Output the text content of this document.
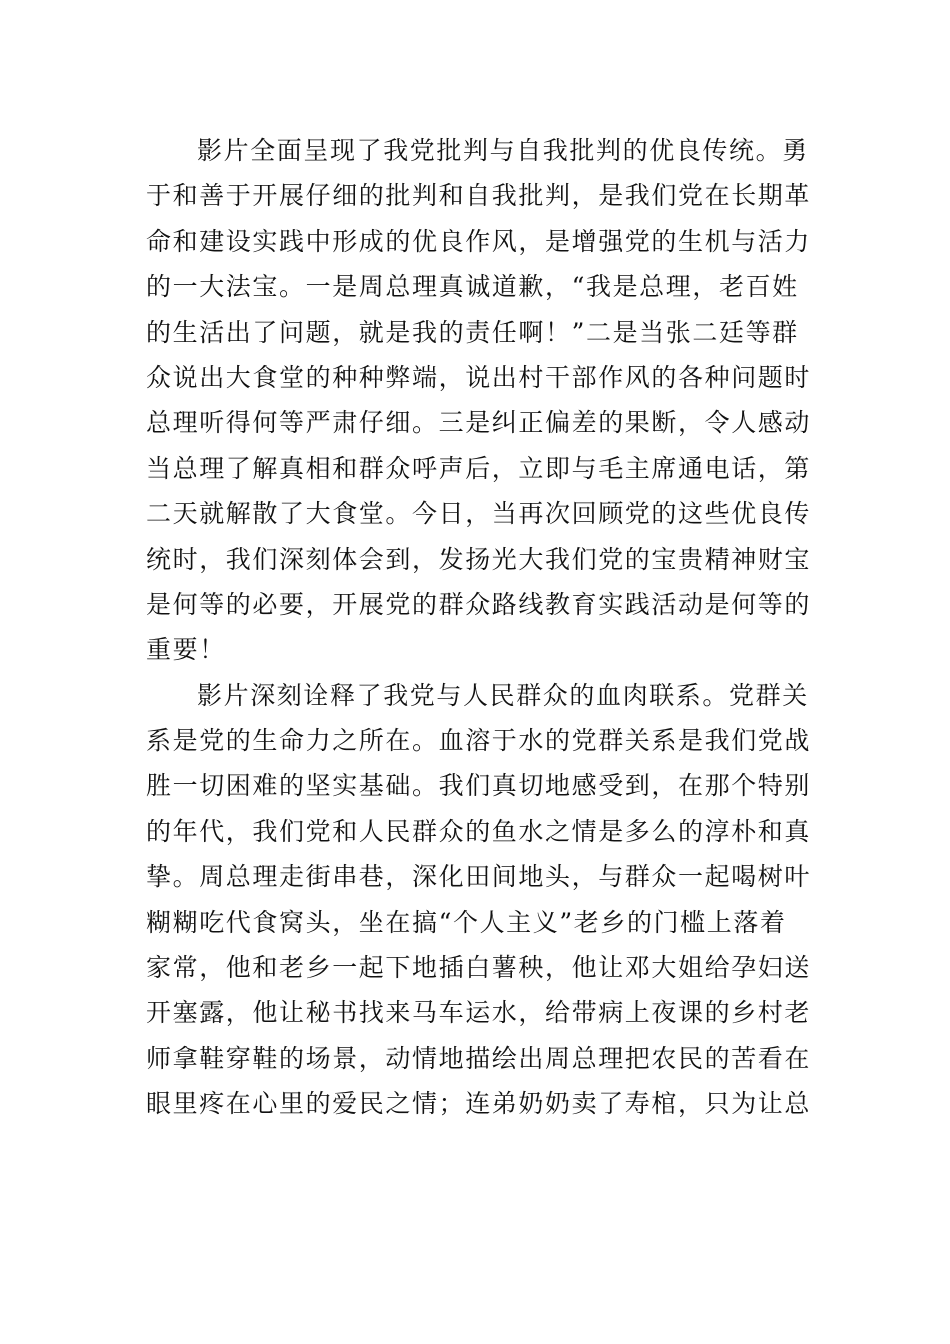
影片全面呈现了我党批判与自我批判的优良传统。勇
于和善于开展仔细的批判和自我批判，是我们党在长期革
命和建设实践中形成的优良作风，是增强党的生机与活力
的一大法宝。一是周总理真诚道歉，“我是总理，老百姓
的生活出了问题，就是我的责任啊！”二是当张二廷等群
众说出大食堂的种种弊端，说出村干部作风的各种问题时
总理听得何等严肃仔细。三是纠正偏差的果断，令人感动
当总理了解真相和群众呼声后，立即与毛主席通电话，第
二天就解散了大食堂。今日，当再次回顾党的这些优良传
统时，我们深刻体会到，发扬光大我们党的宝贵精神财宝
是何等的必要，开展党的群众路线教育实践活动是何等的
重要！
影片深刻诠释了我党与人民群众的血肉联系。党群关
系是党的生命力之所在。血溶于水的党群关系是我们党战
胜一切困难的坚实基础。我们真切地感受到，在那个特别
的年代，我们党和人民群众的鱼水之情是多么的淳朴和真
挚。周总理走街串巷，深化田间地头，与群众一起喝树叶
糊糊吃代食窝头，坐在搞“个人主义”老乡的门槛上落着
家常，他和老乡一起下地插白薯秧，他让邓大姐给孕妇送
开塞露，他让秘书找来马车运水，给带病上夜课的乡村老
师拿鞋穿鞋的场景，动情地描绘出周总理把农民的苦看在
眼里疼在心里的爱民之情；连弟奶奶卖了寿棺，只为让总
